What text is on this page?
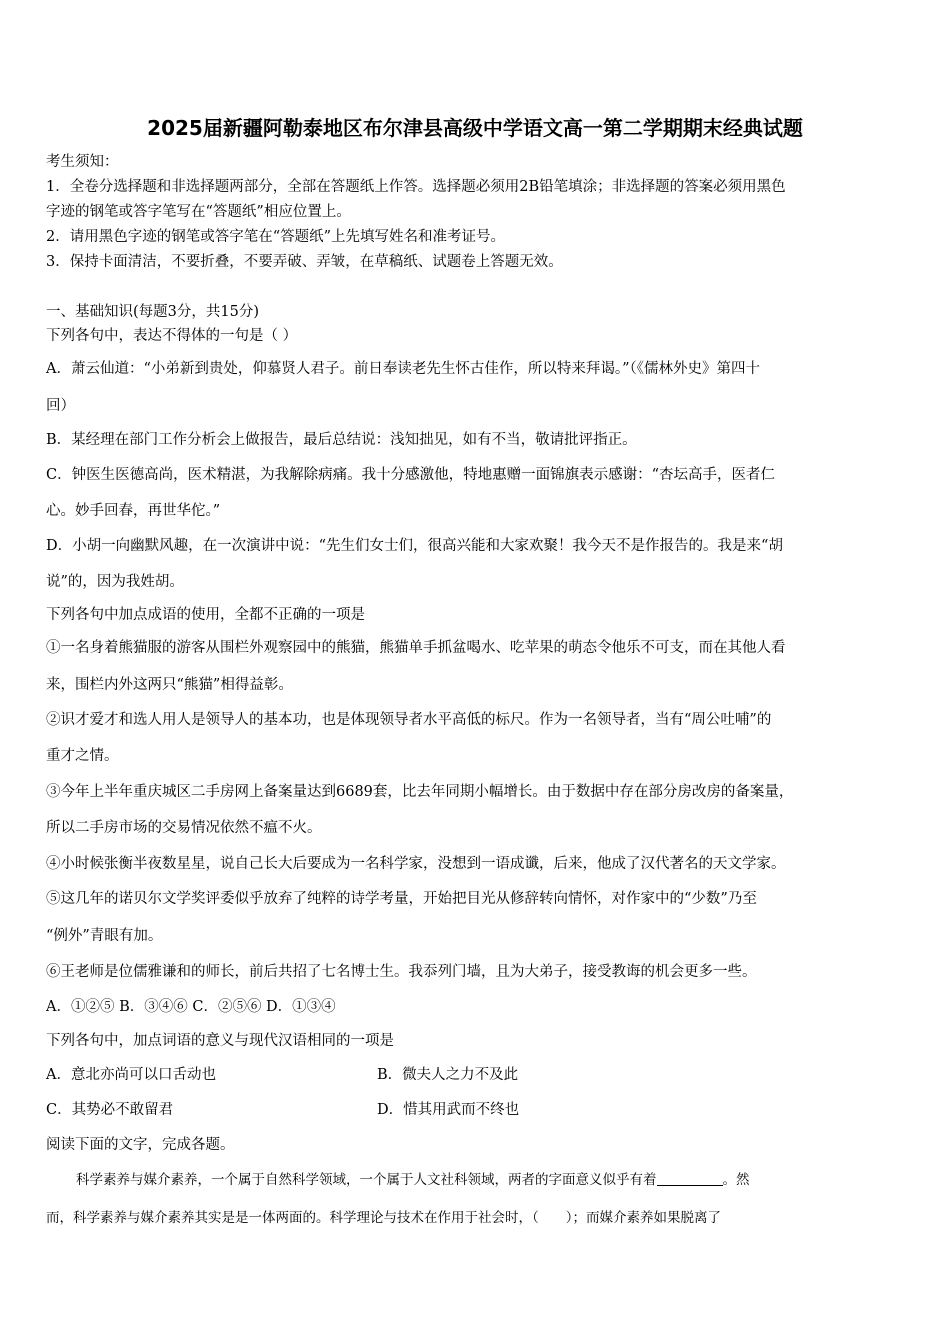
2025届新疆阿勒泰地区布尔津县高级中学语文高一第二学期期末经典试题
考生须知：
1．全卷分选择题和非选择题两部分，全部在答题纸上作答。选择题必须用2B铅笔填涂；非选择题的答案必须用黑色
字迹的钢笔或答字笔写在“答题纸”相应位置上。
2．请用黑色字迹的钢笔或答字笔在“答题纸”上先填写姓名和准考证号。
3．保持卡面清洁，不要折叠，不要弄破、弄皱，在草稿纸、试题卷上答题无效。
一、基础知识(每题3分，共15分)
下列各句中，表达不得体的一句是（ ）
A．萧云仙道：“小弟新到贵处，仰慕贤人君子。前日奉读老先生怀古佳作，所以特来拜谒。”（《儒林外史》第四十
回）
B．某经理在部门工作分析会上做报告，最后总结说：浅知拙见，如有不当，敬请批评指正。
C．钟医生医德高尚，医术精湛，为我解除病痛。我十分感激他，特地惠赠一面锦旗表示感谢：“杏坛高手，医者仁
心。妙手回春，再世华佗。”
D．小胡一向幽默风趣，在一次演讲中说：“先生们女士们，很高兴能和大家欢聚！我今天不是作报告的。我是来“胡
说”的，因为我姓胡。
下列各句中加点成语的使用，全都不正确的一项是
①一名身着熊猫服的游客从围栏外观察园中的熊猫，熊猫单手抓盆喝水、吃苹果的萌态令他乐不可支，而在其他人看
来，围栏内外这两只“熊猫”相得益彰。
②识才爱才和选人用人是领导人的基本功，也是体现领导者水平高低的标尺。作为一名领导者，当有“周公吐哺”的
重才之情。
③今年上半年重庆城区二手房网上备案量达到6689套，比去年同期小幅增长。由于数据中存在部分房改房的备案量，
所以二手房市场的交易情况依然不瘟不火。
④小时候张衡半夜数星星，说自己长大后要成为一名科学家，没想到一语成谶，后来，他成了汉代著名的天文学家。
⑤这几年的诺贝尔文学奖评委似乎放弃了纯粹的诗学考量，开始把目光从修辞转向情怀，对作家中的“少数”乃至
“例外”青眼有加。
⑥王老师是位儒雅谦和的师长，前后共招了七名博士生。我忝列门墙，且为大弟子，接受教诲的机会更多一些。
A．①②⑤ B．③④⑥ C．②⑤⑥ D．①③④
下列各句中，加点词语的意义与现代汉语相同的一项是
A．意北亦尚可以口舌动也	B．微夫人之力不及此
C．其势必不敢留君	D．惜其用武而不终也
阅读下面的文字，完成各题。
科学素养与媒介素养，一个属于自然科学领域，一个属于人文社科领域，两者的字面意义似乎有着	。然
而，科学素养与媒介素养其实是是一体两面的。科学理论与技术在作用于社会时，（　　）；而媒介素养如果脱离了
